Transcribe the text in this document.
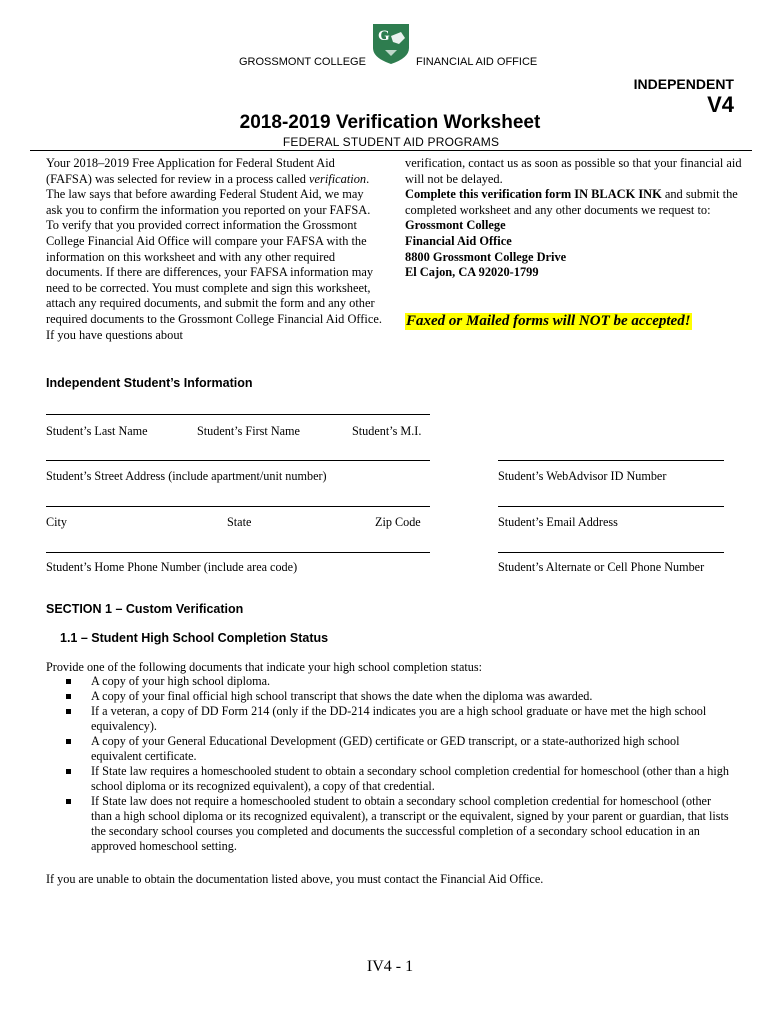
GROSSMONT COLLEGE
G
FINANCIAL AID OFFICE
INDEPENDENT
V4
2018-2019 Verification Worksheet
FEDERAL STUDENT AID PROGRAMS
Your 2018–2019 Free Application for Federal Student Aid (FAFSA) was selected for review in a process called verification. The law says that before awarding Federal Student Aid, we may ask you to confirm the information you reported on your FAFSA. To verify that you provided correct information the Grossmont College Financial Aid Office will compare your FAFSA with the information on this worksheet and with any other required documents. If there are differences, your FAFSA information may need to be corrected. You must complete and sign this worksheet, attach any required documents, and submit the form and any other required documents to the Grossmont College Financial Aid Office. If you have questions about
verification, contact us as soon as possible so that your financial aid will not be delayed.
Complete this verification form IN BLACK INK and submit the completed worksheet and any other documents we request to:
Grossmont College
Financial Aid Office
8800 Grossmont College Drive
El Cajon, CA 92020-1799
Faxed or Mailed forms will NOT be accepted!
Independent Student’s Information
Student’s Last Name	Student’s First Name	Student’s M.I.
Student’s Street Address (include apartment/unit number)	Student’s WebAdvisor ID Number
City	State	Zip Code	Student’s Email Address
Student’s Home Phone Number (include area code)	Student’s Alternate or Cell Phone Number
SECTION 1 – Custom Verification
1.1 – Student High School Completion Status
Provide one of the following documents that indicate your high school completion status:
A copy of your high school diploma.
A copy of your final official high school transcript that shows the date when the diploma was awarded.
If a veteran, a copy of DD Form 214 (only if the DD-214 indicates you are a high school graduate or have met the high school equivalency).
A copy of your General Educational Development (GED) certificate or GED transcript, or a state-authorized high school equivalent certificate.
If State law requires a homeschooled student to obtain a secondary school completion credential for homeschool (other than a high school diploma or its recognized equivalent), a copy of that credential.
If State law does not require a homeschooled student to obtain a secondary school completion credential for homeschool (other than a high school diploma or its recognized equivalent), a transcript or the equivalent, signed by your parent or guardian, that lists the secondary school courses you completed and documents the successful completion of a secondary school education in an approved homeschool setting.
If you are unable to obtain the documentation listed above, you must contact the Financial Aid Office.
IV4 - 1
